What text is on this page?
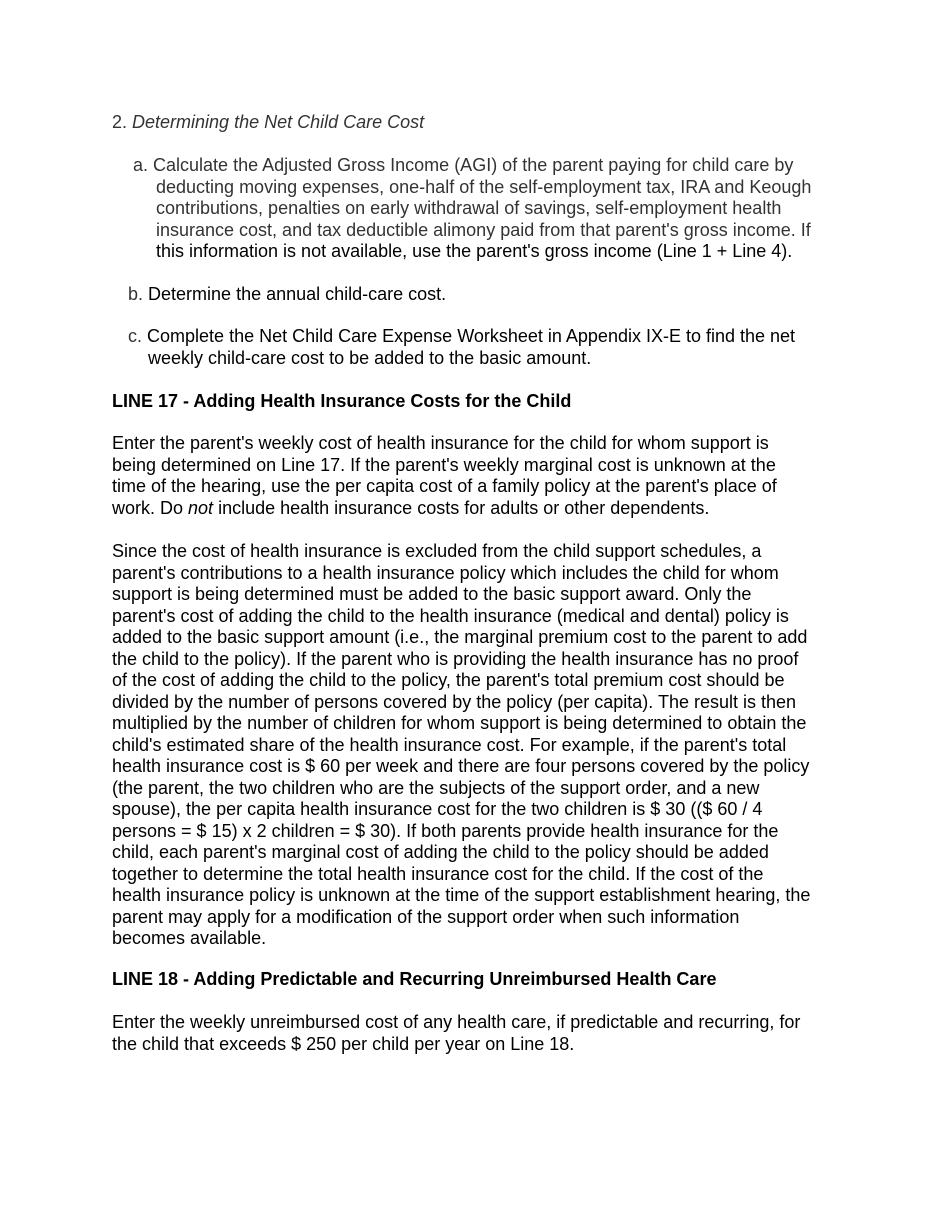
2. Determining the Net Child Care Cost

a. Calculate the Adjusted Gross Income (AGI) of the parent paying for child care by

deducting moving expenses, one-half of the self-employment tax, IRA and Keough

contributions, penalties on early withdrawal of savings, self-employment health

insurance cost, and tax deductible alimony paid from that parent's gross income. If

this information is not available, use the parent's gross income (Line 1 + Line 4).

b. Determine the annual child-care cost.

c. Complete the Net Child Care Expense Worksheet in Appendix IX-E to find the net

weekly child-care cost to be added to the basic amount.

LINE 17 - Adding Health Insurance Costs for the Child

Enter the parent's weekly cost of health insurance for the child for whom support is

being determined on Line 17. If the parent's weekly marginal cost is unknown at the

time of the hearing, use the per capita cost of a family policy at the parent's place of

work. Do not include health insurance costs for adults or other dependents.

Since the cost of health insurance is excluded from the child support schedules, a

parent's contributions to a health insurance policy which includes the child for whom

support is being determined must be added to the basic support award. Only the

parent's cost of adding the child to the health insurance (medical and dental) policy is

added to the basic support amount (i.e., the marginal premium cost to the parent to add

the child to the policy). If the parent who is providing the health insurance has no proof

of the cost of adding the child to the policy, the parent's total premium cost should be

divided by the number of persons covered by the policy (per capita). The result is then

multiplied by the number of children for whom support is being determined to obtain the

child's estimated share of the health insurance cost. For example, if the parent's total

health insurance cost is $ 60 per week and there are four persons covered by the policy

(the parent, the two children who are the subjects of the support order, and a new

spouse), the per capita health insurance cost for the two children is $ 30 (($ 60 / 4

persons = $ 15) x 2 children = $ 30). If both parents provide health insurance for the

child, each parent's marginal cost of adding the child to the policy should be added

together to determine the total health insurance cost for the child. If the cost of the

health insurance policy is unknown at the time of the support establishment hearing, the

parent may apply for a modification of the support order when such information

becomes available.

LINE 18 - Adding Predictable and Recurring Unreimbursed Health Care

Enter the weekly unreimbursed cost of any health care, if predictable and recurring, for

the child that exceeds $ 250 per child per year on Line 18.
